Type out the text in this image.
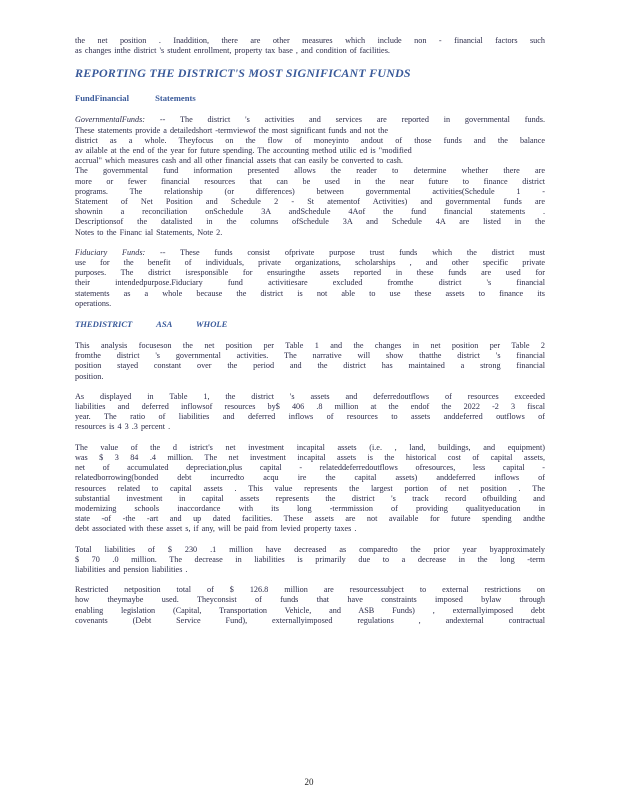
the net position . Inaddition, there are other measures which include non - financial factors such
as changes inthe district 's student enrollment, property tax base , and condition of facilities.

REPORTING THE DISTRICT'S MOST SIGNIFICANT FUNDS
FundFinancial Statements

GovernmentalFunds: -- The district 's activities and services are reported in governmental funds.
These statements provide a detailedshort -termviewof the most significant funds and not the
district as a whole. Theyfocus on the flow of moneyinto andout of those funds and the balance
av ailable at the end of the year for future spending. The accounting method utilic ed is "modified
accrual" which measures cash and all other financial assets that can easily be converted to cash.
The governmental fund information presented allows the reader to determine whether there are
more or fewer financial resources that can be used in the near future to finance district
programs. The relationship (or differences) between governmental activities(Schedule 1 -
Statement of Net Position and Schedule 2 - St atementof Activities) and governmental funds are
shownin a reconciliation onSchedule 3A andSchedule 4Aof the fund financial statements .
Descriptionsof the datalisted in the columns ofSchedule 3A and Schedule 4A are listed in the
Notes to the Financ ial Statements, Note 2.

Fiduciary Funds: -- These funds consist ofprivate purpose trust funds which the district must
use for the benefit of individuals, private organizations, scholarships , and other specific private
purposes. The district isresponsible for ensuringthe assets reported in these funds are used for
their intendedpurpose.Fiduciary fund activitiesare excluded fromthe district 's financial
statements as a whole because the district is not able to use these assets to finance its
operations.

THEDISTRICT ASA WHOLE

This analysis focuseson the net position per Table 1 and the changes in net position per Table 2
fromthe district 's governmental activities. The narrative will show thatthe district 's financial
position stayed constant over the period and the district has maintained a strong financial
position.

As displayed in Table 1, the district 's assets and deferredoutflows of resources exceeded
liabilities and deferred inflowsof resources by$ 406 .8 million at the endof the 2022 -2 3 fiscal
year. The ratio of liabilities and deferred inflows of resources to assets anddeferred outflows of
resources is 4 3 .3 percent .

The value of the d istrict's net investment incapital assets (i.e. , land, buildings, and equipment)
was $ 3 84 .4 million. The net investment incapital assets is the historical cost of capital assets,
net of accumulated depreciation,plus capital - relateddeferredoutflows ofresources, less capital -
relatedborrowing(bonded debt incurredto acqu ire the capital assets) anddeferred inflows of
resources related to capital assets . This value represents the largest portion of net position . The
substantial investment in capital assets represents the district 's track record ofbuilding and
modernizing schools inaccordance with its long -termmission of providing qualityeducation in
state -of -the -art and up dated facilities. These assets are not available for future spending andthe
debt associated with these asset s, if any, will be paid from levied property taxes .

Total liabilities of $ 230 .1 million have decreased as comparedto the prior year byapproximately
$ 70 .0 million. The decrease in liabilities is primarily due to a decrease in the long -term
liabilities and pension liabilities .

Restricted netposition total of $ 126.8 million are resourcessubject to external restrictions on
how theymaybe used. Theyconsist of funds that have constraints imposed bylaw through
enabling legislation (Capital, Transportation Vehicle, and ASB Funds) , externallyimposed debt
covenants (Debt Service Fund), externallyimposed regulations , andexternal contractual

20
